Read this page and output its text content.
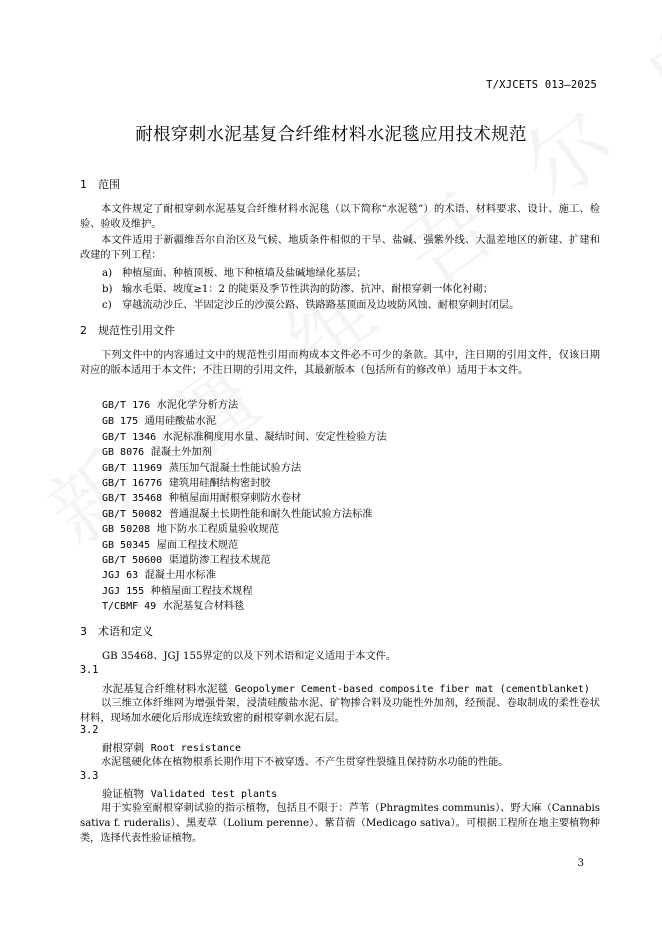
T/XJCETS 013—2025
耐根穿刺水泥基复合纤维材料水泥毯应用技术规范
1 范围
本文件规定了耐根穿刺水泥基复合纤维材料水泥毯（以下简称“水泥毯”）的术语、材料要求、设计、施工、检验、验收及维护。
本文件适用于新疆维吾尔自治区及气候、地质条件相似的干旱、盐碱、强紫外线、大温差地区的新建、扩建和改建的下列工程：
a) 种植屋面、种植顶板、地下种植墙及盐碱地绿化基层；
b) 输水毛渠、坡度≥1：2 的陡渠及季节性洪沟的防渗、抗冲、耐根穿刺一体化衬砌；
c) 穿越流动沙丘、半固定沙丘的沙漠公路、铁路路基顶面及边坡防风蚀、耐根穿刺封闭层。
2 规范性引用文件
下列文件中的内容通过文中的规范性引用而构成本文件必不可少的条款。其中，注日期的引用文件，仅该日期对应的版本适用于本文件；不注日期的引用文件，其最新版本（包括所有的修改单）适用于本文件。
GB/T 176 水泥化学分析方法
GB 175 通用硅酸盐水泥
GB/T 1346 水泥标准稠度用水量、凝结时间、安定性检验方法
GB 8076 混凝土外加剂
GB/T 11969 蒸压加气混凝土性能试验方法
GB/T 16776 建筑用硅酮结构密封胶
GB/T 35468 种植屋面用耐根穿刺防水卷材
GB/T 50082 普通混凝土长期性能和耐久性能试验方法标准
GB 50208 地下防水工程质量验收规范
GB 50345 屋面工程技术规范
GB/T 50600 渠道防渗工程技术规范
JGJ 63 混凝土用水标准
JGJ 155 种植屋面工程技术规程
T/CBMF 49 水泥基复合材料毯
3 术语和定义
GB 35468、JGJ 155界定的以及下列术语和定义适用于本文件。
3.1
水泥基复合纤维材料水泥毯 Geopolymer Cement-based composite fiber mat (cementblanket)
以三维立体纤维网为增强骨架，浸渍硅酸盐水泥、矿物掺合料及功能性外加剂，经预混、卷取制成的柔性卷状材料，现场加水硬化后形成连续致密的耐根穿刺水泥石层。
3.2
耐根穿刺 Root resistance
水泥毯硬化体在植物根系长期作用下不被穿透、不产生贯穿性裂缝且保持防水功能的性能。
3.3
验证植物 Validated test plants
用于实验室耐根穿刺试验的指示植物，包括且不限于：芦苇（Phragmites communis）、野大麻（Cannabis sativa f. ruderalis）、黑麦草（Lolium perenne）、紫苜蓿（Medicago sativa）。可根据工程所在地主要植物种类，选择代表性验证植物。
3
